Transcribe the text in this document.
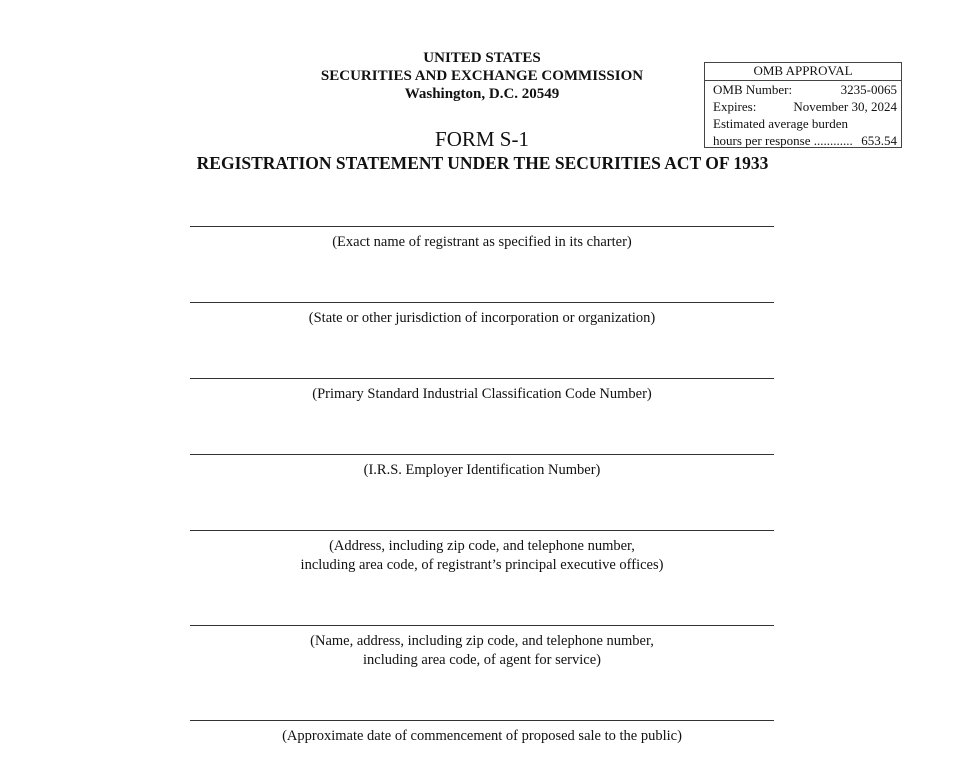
UNITED STATES
SECURITIES AND EXCHANGE COMMISSION
Washington, D.C. 20549
OMB APPROVAL
OMB Number:	3235-0065
Expires:	November 30, 2024
Estimated average burden
hours per response ............ 653.54
FORM S-1
REGISTRATION STATEMENT UNDER THE SECURITIES ACT OF 1933
(Exact name of registrant as specified in its charter)
(State or other jurisdiction of incorporation or organization)
(Primary Standard Industrial Classification Code Number)
(I.R.S. Employer Identification Number)
(Address, including zip code, and telephone number,
including area code, of registrant’s principal executive offices)
(Name, address, including zip code, and telephone number,
including area code, of agent for service)
(Approximate date of commencement of proposed sale to the public)
